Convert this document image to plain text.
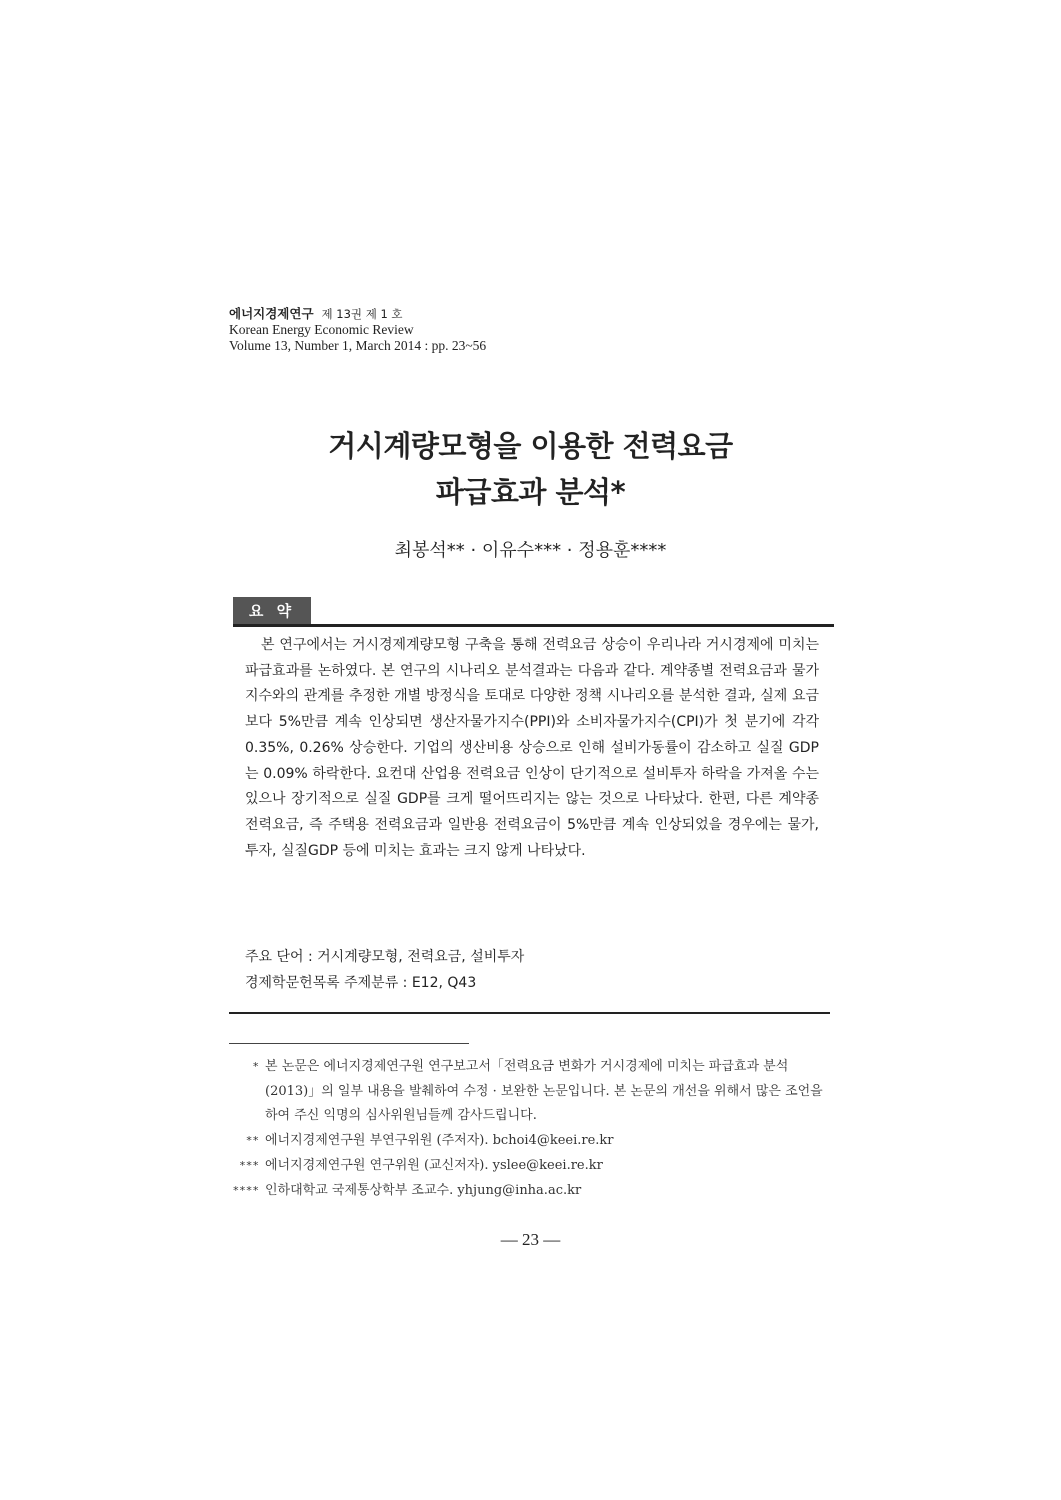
에너지경제연구 제 13권 제 1 호
Korean Energy Economic Review
Volume 13, Number 1, March 2014 : pp. 23~56
거시계량모형을 이용한 전력요금
파급효과 분석*
최봉석** · 이유수*** · 정용훈****
요 약

본 연구에서는 거시경제계량모형 구축을 통해 전력요금 상승이 우리나라 거시경제에 미치는 파급효과를 논하였다. 본 연구의 시나리오 분석결과는 다음과 같다. 계약종별 전력요금과 물가지수와의 관계를 추정한 개별 방정식을 토대로 다양한 정책 시나리오를 분석한 결과, 실제 요금보다 5%만큼 계속 인상되면 생산자물가지수(PPI)와 소비자물가지수(CPI)가 첫 분기에 각각 0.35%, 0.26% 상승한다. 기업의 생산비용 상승으로 인해 설비가동률이 감소하고 실질 GDP는 0.09% 하락한다. 요컨대 산업용 전력요금 인상이 단기적으로 설비투자 하락을 가져올 수는 있으나 장기적으로 실질 GDP를 크게 떨어뜨리지는 않는 것으로 나타났다. 한편, 다른 계약종 전력요금, 즉 주택용 전력요금과 일반용 전력요금이 5%만큼 계속 인상되었을 경우에는 물가, 투자, 실질GDP 등에 미치는 효과는 크지 않게 나타났다.

주요 단어 : 거시계량모형, 전력요금, 설비투자
경제학문헌목록 주제분류 : E12, Q43
* 본 논문은 에너지경제연구원 연구보고서「전력요금 변화가 거시경제에 미치는 파급효과 분석(2013)」의 일부 내용을 발췌하여 수정 · 보완한 논문입니다. 본 논문의 개선을 위해서 많은 조언을 하여 주신 익명의 심사위원님들께 감사드립니다.
** 에너지경제연구원 부연구위원 (주저자). bchoi4@keei.re.kr
*** 에너지경제연구원 연구위원 (교신저자). yslee@keei.re.kr
**** 인하대학교 국제통상학부 조교수. yhjung@inha.ac.kr
— 23 —
